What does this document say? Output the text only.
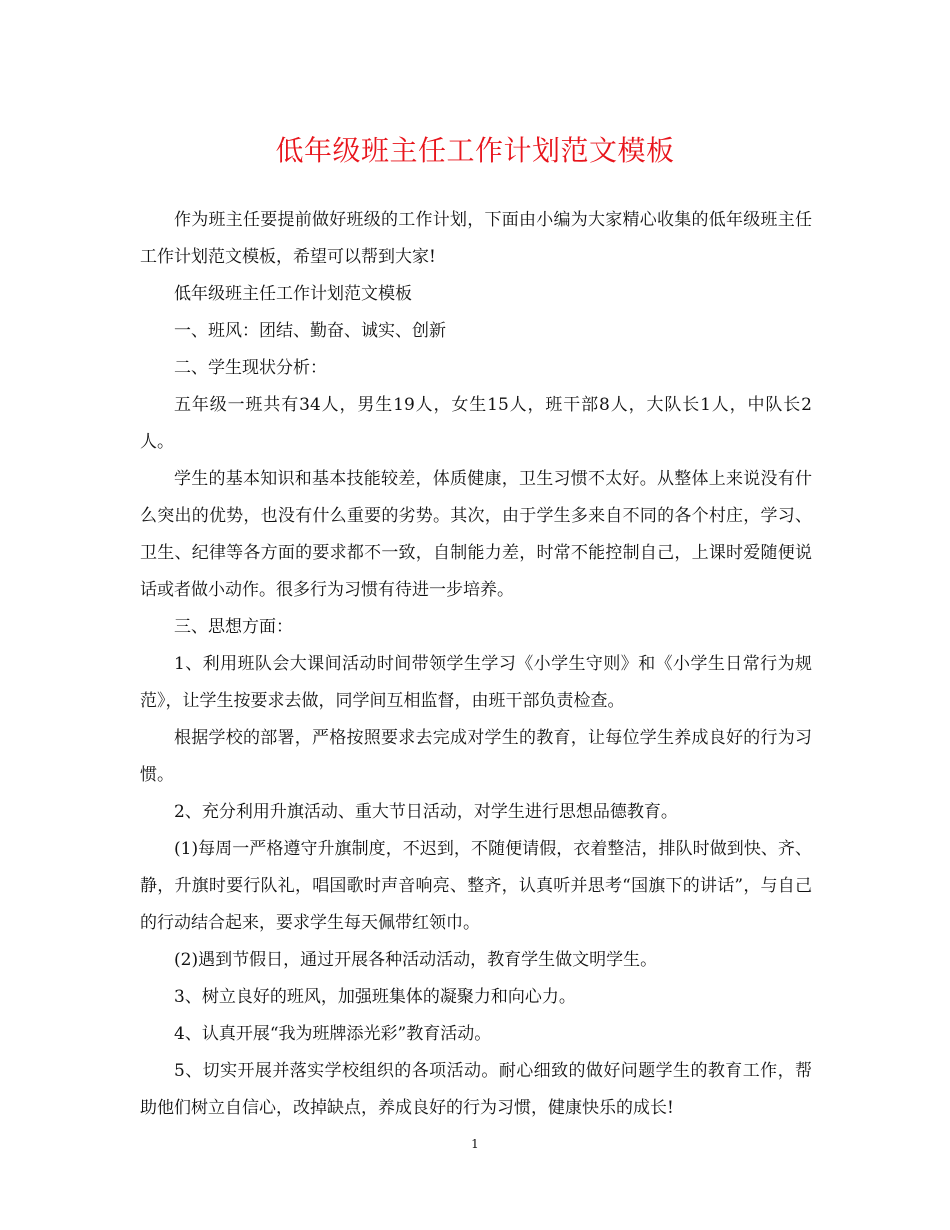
低年级班主任工作计划范文模板

作为班主任要提前做好班级的工作计划，下面由小编为大家精心收集的低年级班主任工作计划范文模板，希望可以帮到大家!

低年级班主任工作计划范文模板

一、班风：团结、勤奋、诚实、创新

二、学生现状分析：

五年级一班共有34人，男生19人，女生15人，班干部8人，大队长1人，中队长2人。

学生的基本知识和基本技能较差，体质健康，卫生习惯不太好。从整体上来说没有什么突出的优势，也没有什么重要的劣势。其次，由于学生多来自不同的各个村庄，学习、卫生、纪律等各方面的要求都不一致，自制能力差，时常不能控制自己，上课时爱随便说话或者做小动作。很多行为习惯有待进一步培养。

三、思想方面：

1、利用班队会大课间活动时间带领学生学习《小学生守则》和《小学生日常行为规范》，让学生按要求去做，同学间互相监督，由班干部负责检查。

根据学校的部署，严格按照要求去完成对学生的教育，让每位学生养成良好的行为习惯。

2、充分利用升旗活动、重大节日活动，对学生进行思想品德教育。

(1)每周一严格遵守升旗制度，不迟到，不随便请假，衣着整洁，排队时做到快、齐、静，升旗时要行队礼，唱国歌时声音响亮、整齐，认真听并思考“国旗下的讲话”，与自己的行动结合起来，要求学生每天佩带红领巾。

(2)遇到节假日，通过开展各种活动活动，教育学生做文明学生。

3、树立良好的班风，加强班集体的凝聚力和向心力。

4、认真开展“我为班牌添光彩”教育活动。

5、切实开展并落实学校组织的各项活动。耐心细致的做好问题学生的教育工作，帮助他们树立自信心，改掉缺点，养成良好的行为习惯，健康快乐的成长!

1
